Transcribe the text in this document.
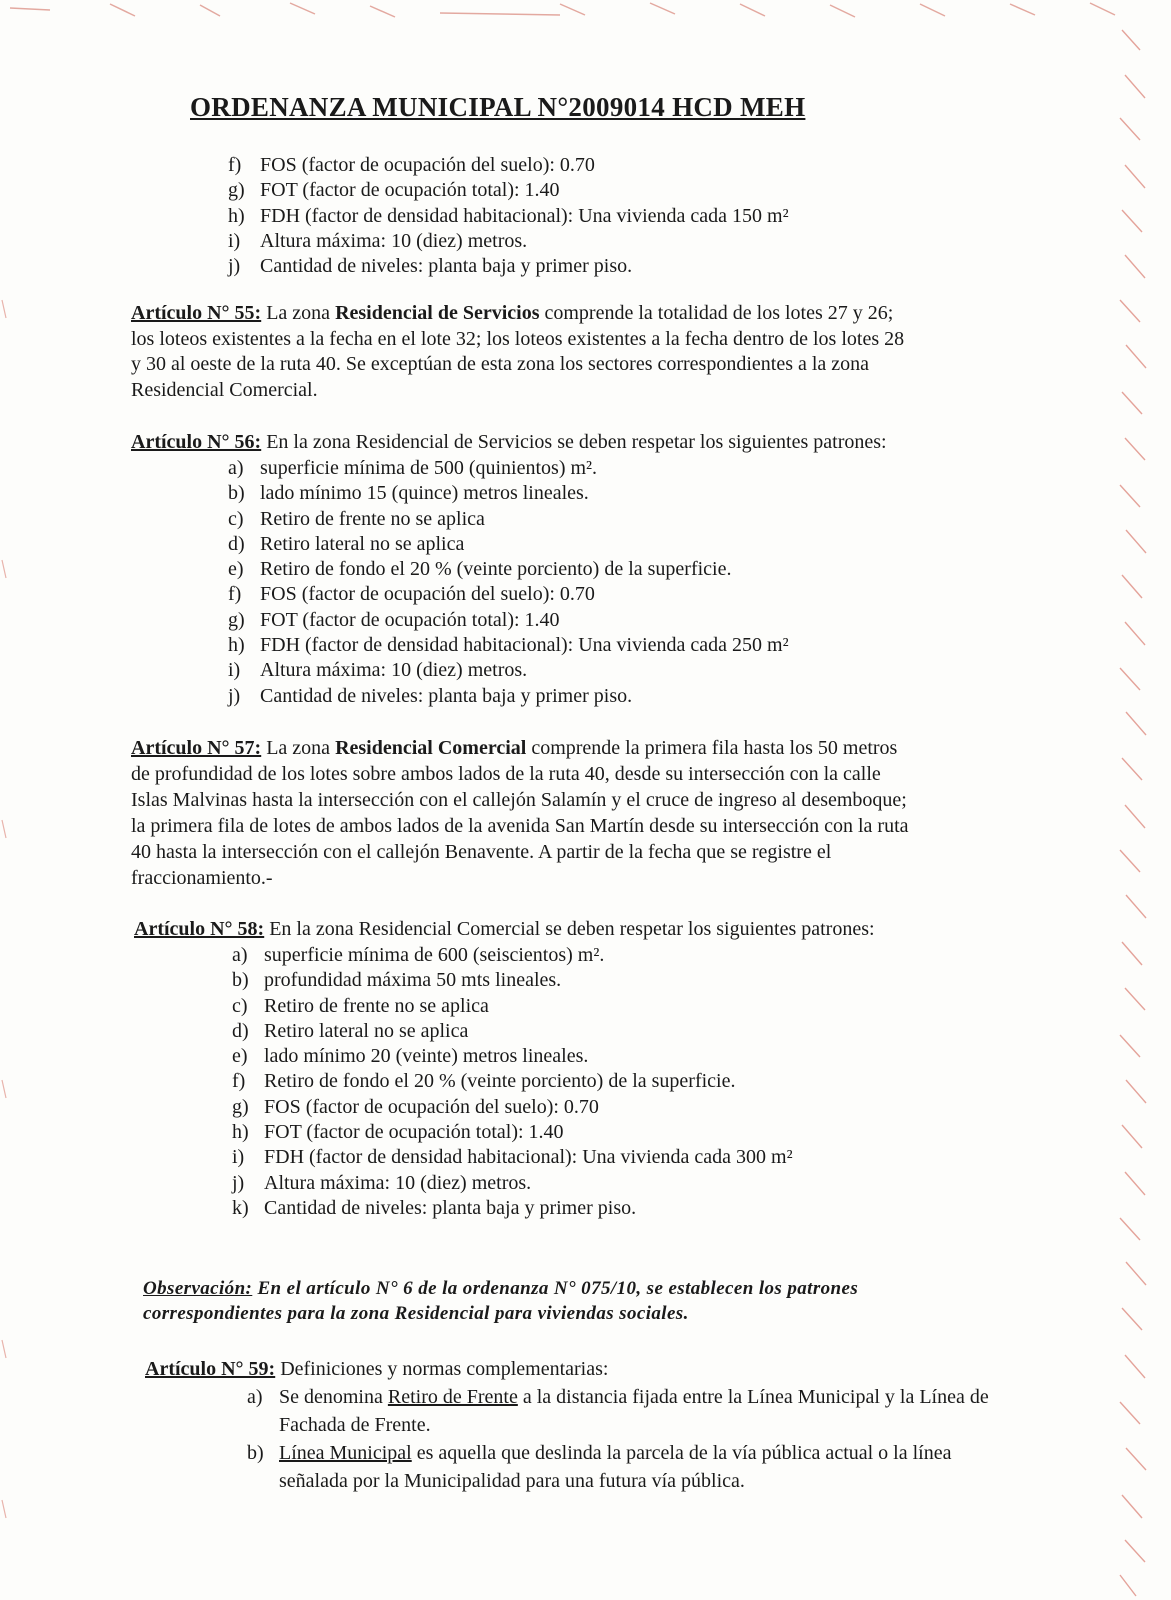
ORDENANZA MUNICIPAL N°2009014 HCD MEH
f) FOS (factor de ocupación del suelo): 0.70
g) FOT (factor de ocupación total): 1.40
h) FDH (factor de densidad habitacional): Una vivienda cada 150 m²
i) Altura máxima: 10 (diez) metros.
j) Cantidad de niveles: planta baja y primer piso.
Artículo N° 55: La zona Residencial de Servicios comprende la totalidad de los lotes 27 y 26;
los loteos existentes a la fecha en el lote 32; los loteos existentes a la fecha dentro de los lotes 28
y 30 al oeste de la ruta 40. Se exceptúan de esta zona los sectores correspondientes a la zona
Residencial Comercial.
Artículo N° 56: En la zona Residencial de Servicios se deben respetar los siguientes patrones:
a) superficie mínima de 500 (quinientos) m².
b) lado mínimo 15 (quince) metros lineales.
c) Retiro de frente no se aplica
d) Retiro lateral no se aplica
e) Retiro de fondo el 20 % (veinte porciento) de la superficie.
f) FOS (factor de ocupación del suelo): 0.70
g) FOT (factor de ocupación total): 1.40
h) FDH (factor de densidad habitacional): Una vivienda cada 250 m²
i) Altura máxima: 10 (diez) metros.
j) Cantidad de niveles: planta baja y primer piso.
Artículo N° 57: La zona Residencial Comercial comprende la primera fila hasta los 50 metros
de profundidad de los lotes sobre ambos lados de la ruta 40, desde su intersección con la calle
Islas Malvinas hasta la intersección con el callejón Salamín y el cruce de ingreso al desemboque;
la primera fila de lotes de ambos lados de la avenida San Martín desde su intersección con la ruta
40 hasta la intersección con el callejón Benavente. A partir de la fecha que se registre el
fraccionamiento.-
Artículo N° 58: En la zona Residencial Comercial se deben respetar los siguientes patrones:
a) superficie mínima de 600 (seiscientos) m².
b) profundidad máxima 50 mts lineales.
c) Retiro de frente no se aplica
d) Retiro lateral no se aplica
e) lado mínimo 20 (veinte) metros lineales.
f) Retiro de fondo el 20 % (veinte porciento) de la superficie.
g) FOS (factor de ocupación del suelo): 0.70
h) FOT (factor de ocupación total): 1.40
i) FDH (factor de densidad habitacional): Una vivienda cada 300 m²
j) Altura máxima: 10 (diez) metros.
k) Cantidad de niveles: planta baja y primer piso.
Observación: En el artículo N° 6 de la ordenanza N° 075/10, se establecen los patrones
correspondientes para la zona Residencial para viviendas sociales.
Artículo N° 59: Definiciones y normas complementarias:
a) Se denomina Retiro de Frente a la distancia fijada entre la Línea Municipal y la Línea de Fachada de Frente.
b) Línea Municipal es aquella que deslinda la parcela de la vía pública actual o la línea señalada por la Municipalidad para una futura vía pública.
